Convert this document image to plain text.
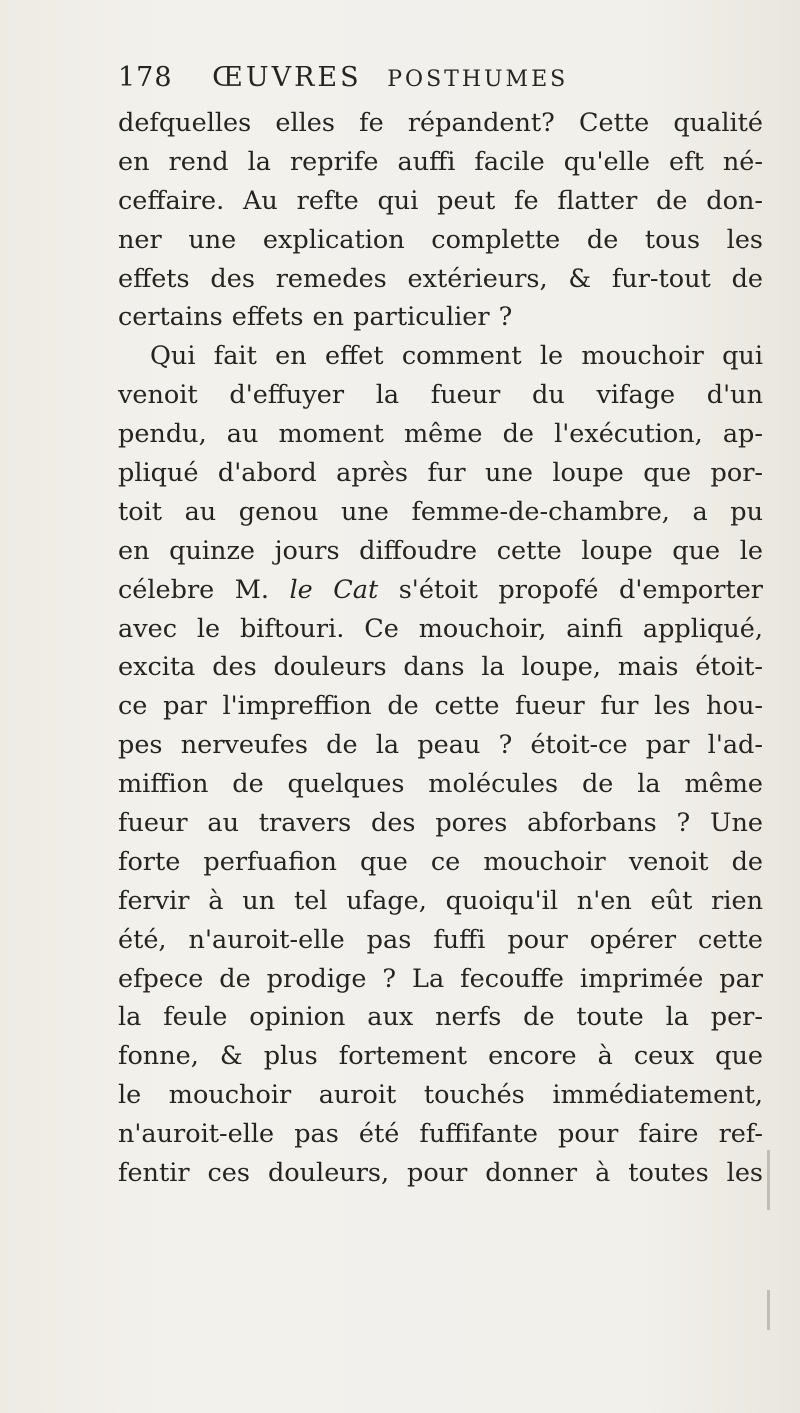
178 ŒUVRES POSTHUMES
defquelles elles fe répandent? Cette qualité
en rend la reprife auffi facile qu'elle eft né-
ceffaire. Au refte qui peut fe flatter de don-
ner une explication complette de tous les
effets des remedes extérieurs, & fur-tout de
certains effets en particulier ?
Qui fait en effet comment le mouchoir qui
venoit d'effuyer la fueur du vifage d'un
pendu, au moment même de l'exécution, ap-
pliqué d'abord après fur une loupe que por-
toit au genou une femme-de-chambre, a pu
en quinze jours diffoudre cette loupe que le
célebre M. le Cat s'étoit propofé d'emporter
avec le biftouri. Ce mouchoir, ainfi appliqué,
excita des douleurs dans la loupe, mais étoit-
ce par l'impreffion de cette fueur fur les hou-
pes nerveufes de la peau ? étoit-ce par l'ad-
miffion de quelques molécules de la même
fueur au travers des pores abforbans ? Une
forte perfuafion que ce mouchoir venoit de
fervir à un tel ufage, quoiqu'il n'en eût rien
été, n'auroit-elle pas fuffi pour opérer cette
efpece de prodige ? La fecouffe imprimée par
la feule opinion aux nerfs de toute la per-
fonne, & plus fortement encore à ceux que
le mouchoir auroit touchés immédiatement,
n'auroit-elle pas été fuffifante pour faire ref-
fentir ces douleurs, pour donner à toutes les
